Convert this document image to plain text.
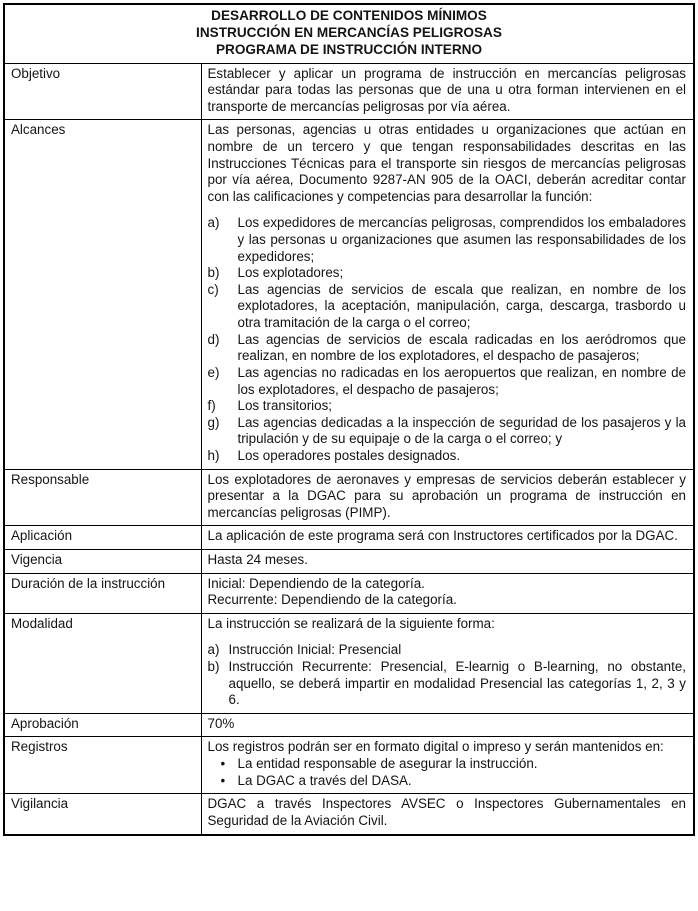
DESARROLLO DE CONTENIDOS MÍNIMOS
INSTRUCCIÓN EN MERCANCÍAS PELIGROSAS
PROGRAMA DE INSTRUCCIÓN INTERNO	

Objetivo	Establecer y aplicar un programa de instrucción en mercancías peligrosas estándar para todas las personas que de una u otra forman intervienen en el transporte de mercancías peligrosas por vía aérea.

Alcances	Las personas, agencias u otras entidades u organizaciones que actúan en nombre de un tercero y que tengan responsabilidades descritas en las Instrucciones Técnicas para el transporte sin riesgos de mercancías peligrosas por vía aérea, Documento 9287-AN 905 de la OACI, deberán acreditar contar con las calificaciones y competencias para desarrollar la función:
a)	Los expedidores de mercancías peligrosas, comprendidos los embaladores y las personas u organizaciones que asumen las responsabilidades de los expedidores;
b)	Los explotadores;
c)	Las agencias de servicios de escala que realizan, en nombre de los explotadores, la aceptación, manipulación, carga, descarga, trasbordo u otra tramitación de la carga o el correo;
d)	Las agencias de servicios de escala radicadas en los aeródromos que realizan, en nombre de los explotadores, el despacho de pasajeros;
e)	Las agencias no radicadas en los aeropuertos que realizan, en nombre de los explotadores, el despacho de pasajeros;
f)	Los transitorios;
g)	Las agencias dedicadas a la inspección de seguridad de los pasajeros y la tripulación y de su equipaje o de la carga o el correo; y
h)	Los operadores postales designados.

Responsable	Los explotadores de aeronaves y empresas de servicios deberán establecer y presentar a la DGAC para su aprobación un programa de instrucción en mercancías peligrosas (PIMP).

Aplicación	La aplicación de este programa será con Instructores certificados por la DGAC.

Vigencia	Hasta 24 meses.

Duración de la instrucción	Inicial: Dependiendo de la categoría.
Recurrente: Dependiendo de la categoría.

Modalidad	La instrucción se realizará de la siguiente forma:
a) Instrucción Inicial: Presencial
b) Instrucción Recurrente: Presencial, E-learnig o B-learning, no obstante, aquello, se deberá impartir en modalidad Presencial las categorías 1, 2, 3 y 6.

Aprobación	70%

Registros	Los registros podrán ser en formato digital o impreso y serán mantenidos en:
• La entidad responsable de asegurar la instrucción.
• La DGAC a través del DASA.

Vigilancia	DGAC a través Inspectores AVSEC o Inspectores Gubernamentales en Seguridad de la Aviación Civil.
